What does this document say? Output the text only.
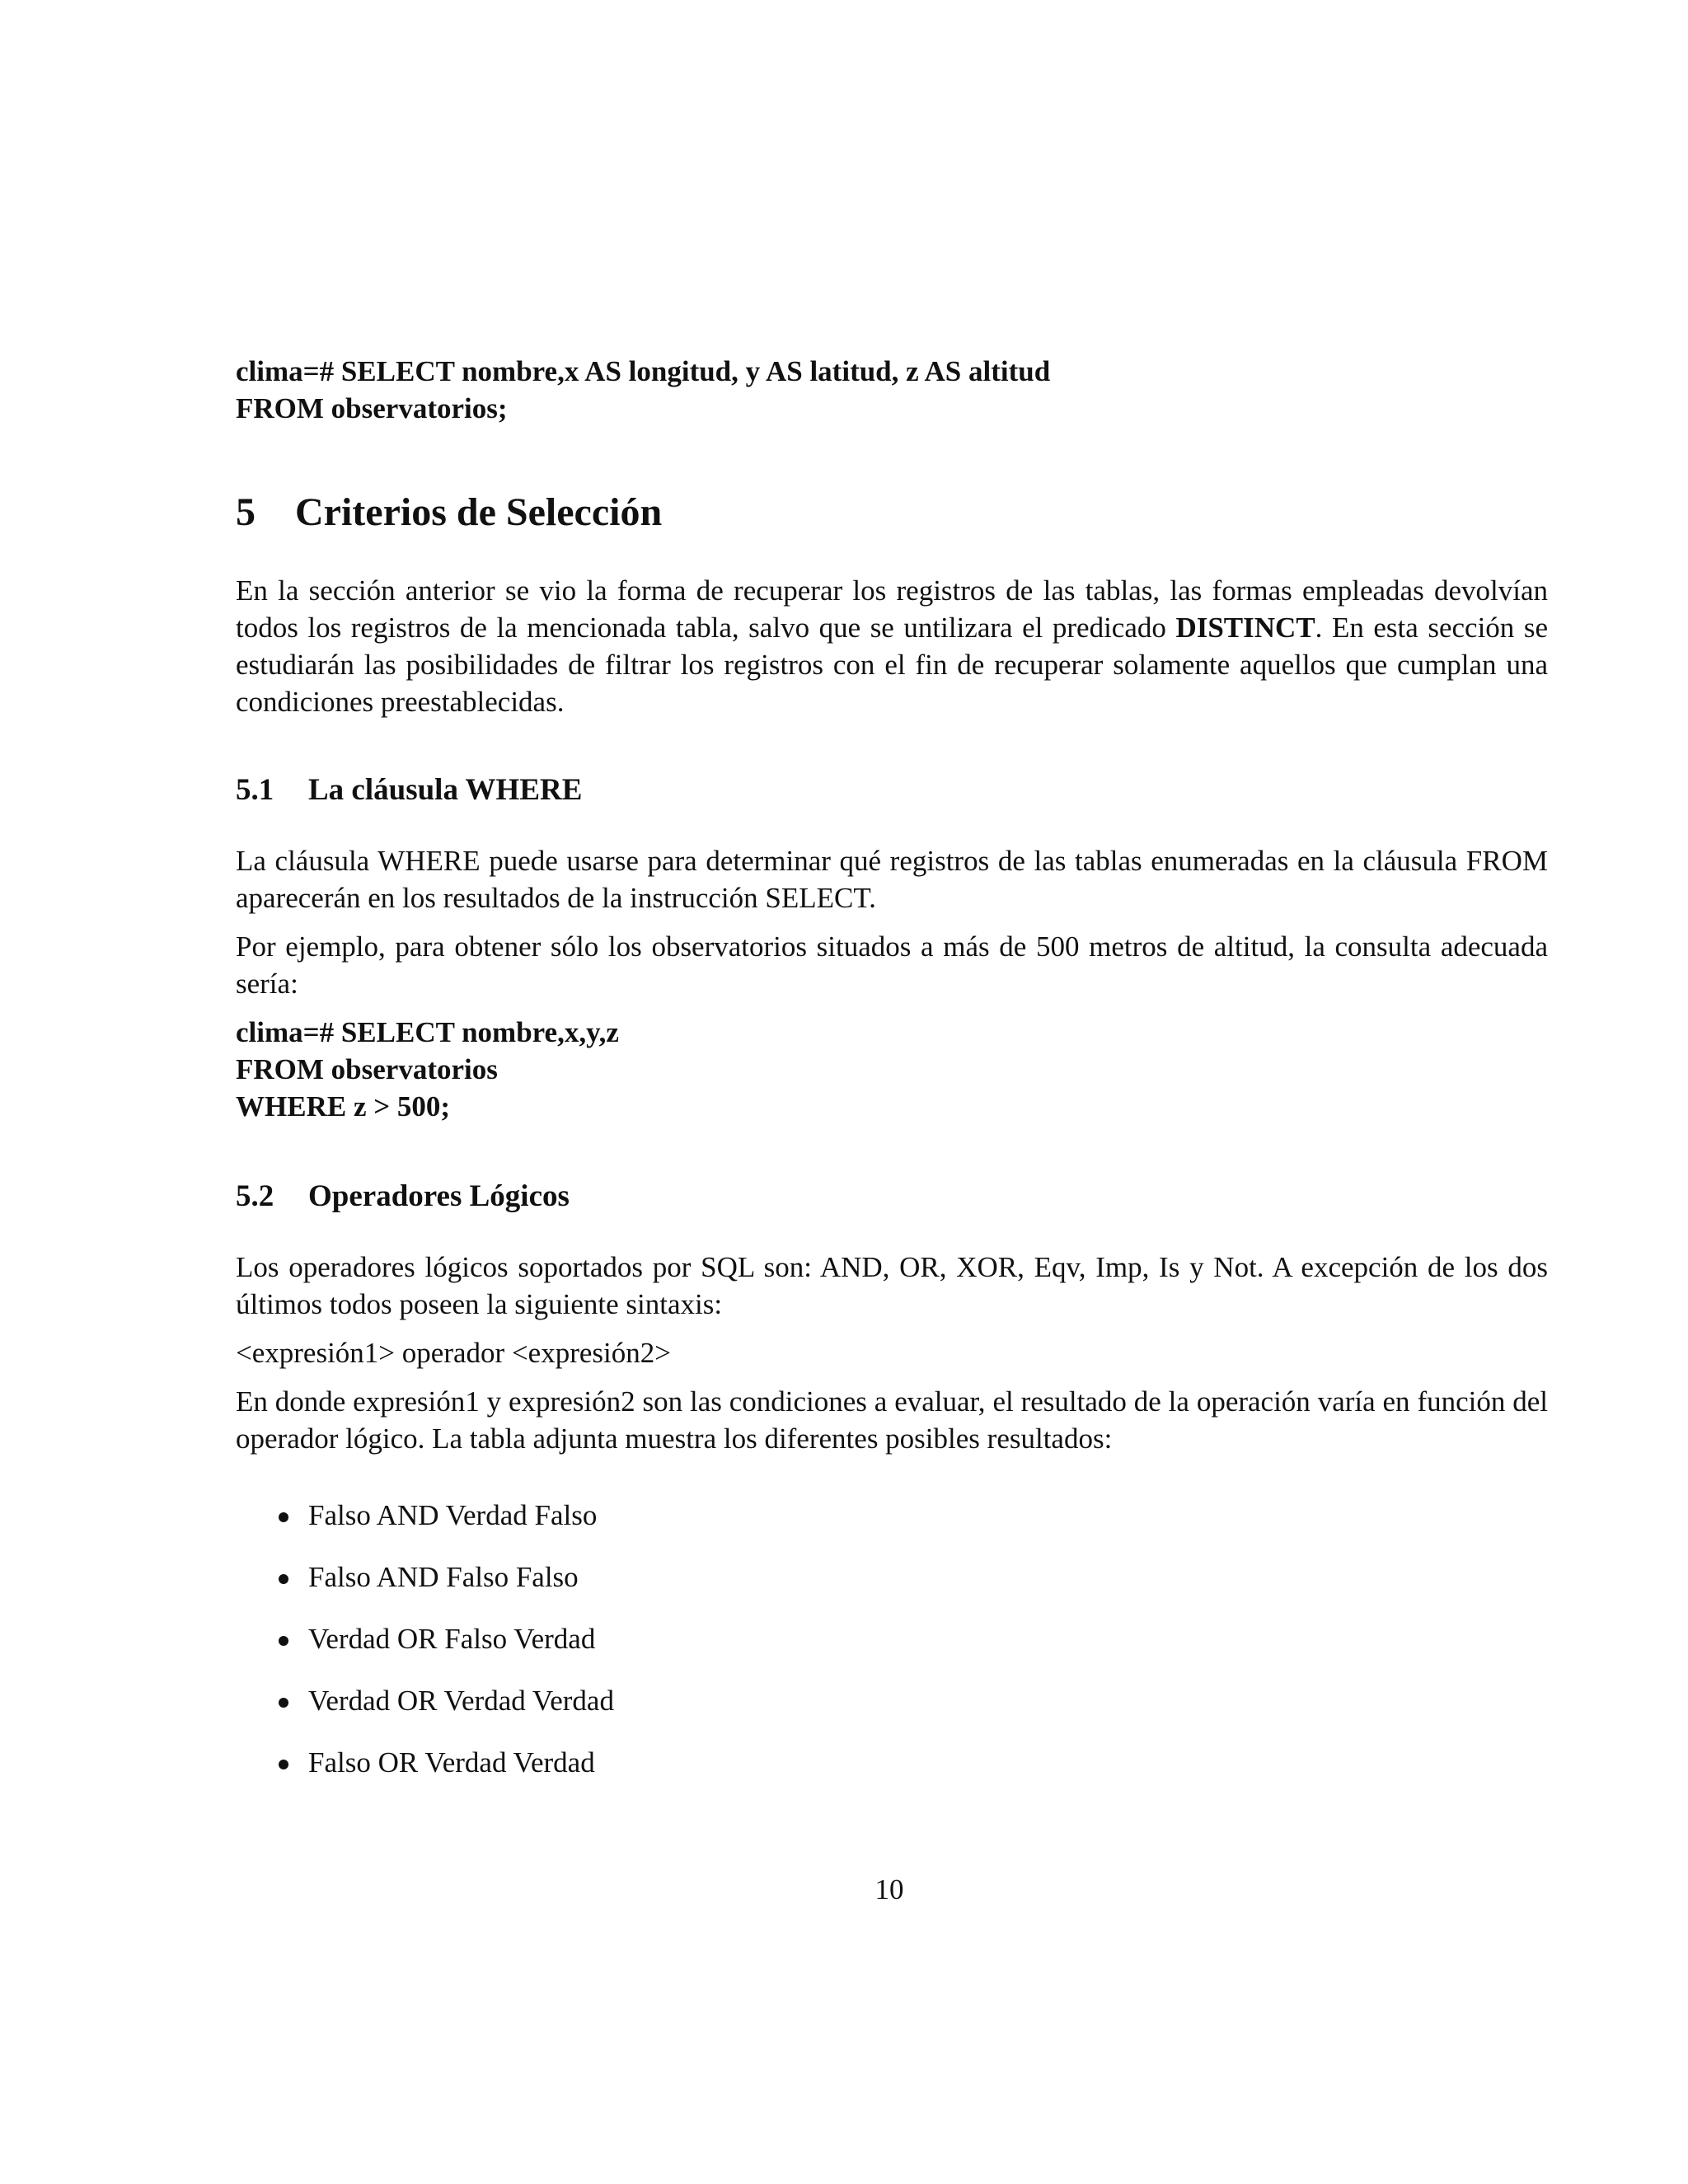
clima=# SELECT nombre,x AS longitud, y AS latitud, z AS altitud
FROM observatorios;
5	Criterios de Selección

En la sección anterior se vio la forma de recuperar los registros de las tablas, las formas empleadas devolvían todos los registros de la mencionada tabla, salvo que se untilizara el predicado DISTINCT. En esta sección se estudiarán las posibilidades de filtrar los registros con el fin de recuperar solamente aquellos que cumplan una condiciones preestablecidas.

5.1	La cláusula WHERE

La cláusula WHERE puede usarse para determinar qué registros de las tablas enumeradas en la cláusula FROM aparecerán en los resultados de la instrucción SELECT.

Por ejemplo, para obtener sólo los observatorios situados a más de 500 metros de altitud, la consulta adecuada sería:

clima=# SELECT nombre,x,y,z
FROM observatorios
WHERE z > 500;
5.2	Operadores Lógicos

Los operadores lógicos soportados por SQL son: AND, OR, XOR, Eqv, Imp, Is y Not. A excepción de los dos últimos todos poseen la siguiente sintaxis:

<expresión1> operador <expresión2>

En donde expresión1 y expresión2 son las condiciones a evaluar, el resultado de la operación varía en función del operador lógico. La tabla adjunta muestra los diferentes posibles resultados:

Falso AND Verdad Falso
Falso AND Falso Falso
Verdad OR Falso Verdad
Verdad OR Verdad Verdad
Falso OR Verdad Verdad
10
